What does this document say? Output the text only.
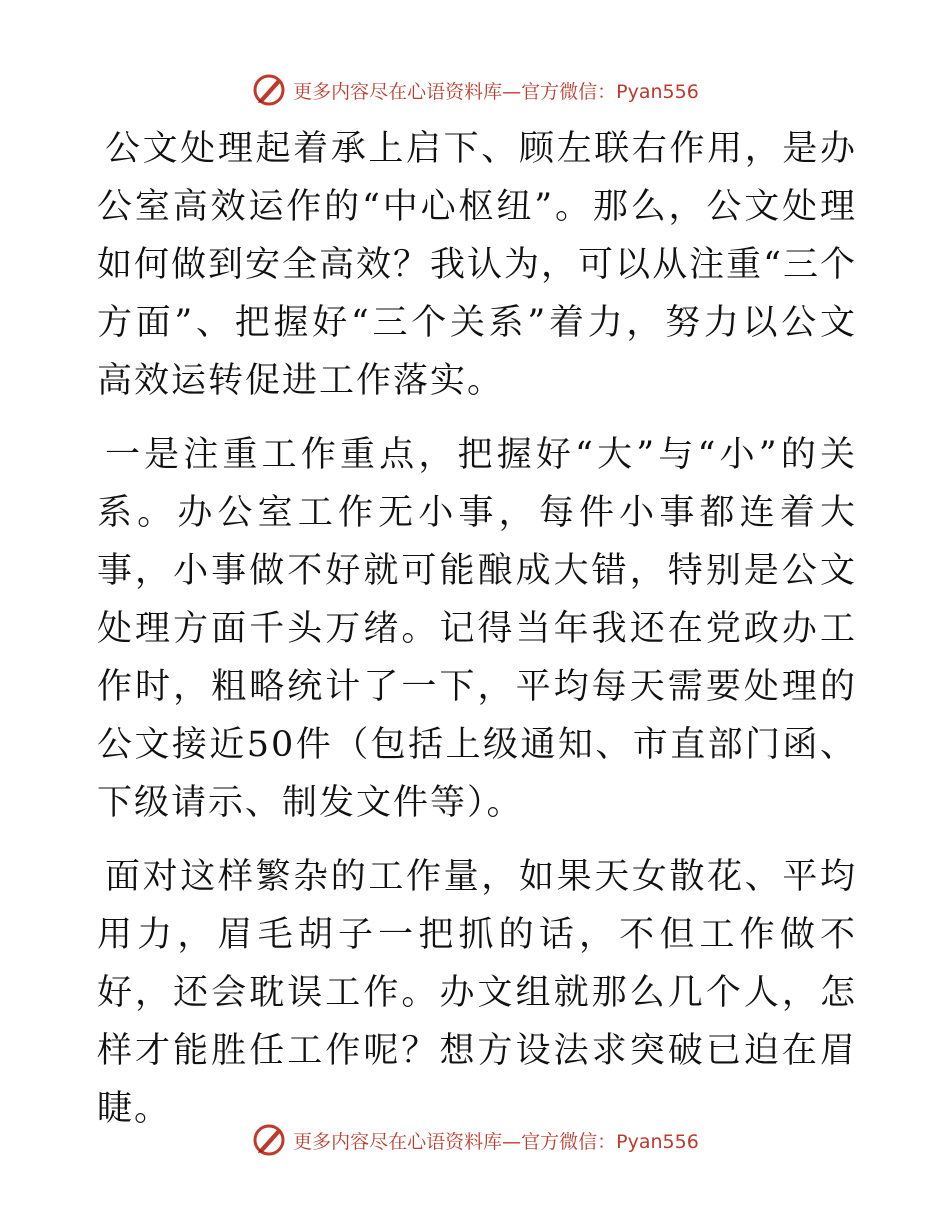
更多内容尽在心语资料库—官方微信：Pyan556

公文处理起着承上启下、顾左联右作用，是办公室高效运作的“中心枢纽”。那么，公文处理如何做到安全高效？我认为，可以从注重“三个方面”、把握好“三个关系”着力，努力以公文高效运转促进工作落实。

一是注重工作重点，把握好“大”与“小”的关系。办公室工作无小事，每件小事都连着大事，小事做不好就可能酿成大错，特别是公文处理方面千头万绪。记得当年我还在党政办工作时，粗略统计了一下，平均每天需要处理的公文接近50件（包括上级通知、市直部门函、下级请示、制发文件等）。

面对这样繁杂的工作量，如果天女散花、平均用力，眉毛胡子一把抓的话，不但工作做不好，还会耽误工作。办文组就那么几个人，怎样才能胜任工作呢？想方设法求突破已迫在眉睫。

更多内容尽在心语资料库—官方微信：Pyan556
